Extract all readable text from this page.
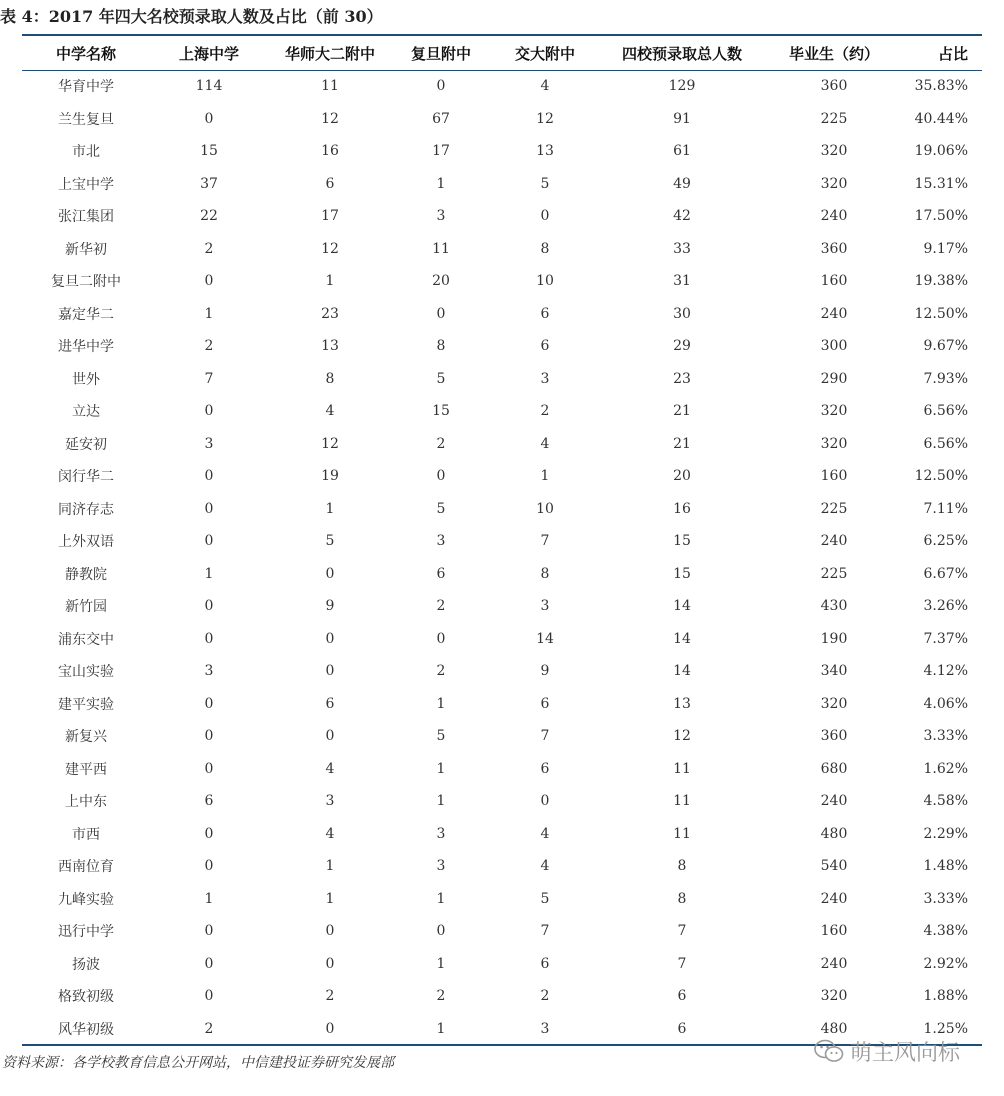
表 4：2017 年四大名校预录取人数及占比（前 30）
中学名称	上海中学	华师大二附中	复旦附中	交大附中	四校预录取总人数	毕业生（约）	占比
华育中学	114	11	0	4	129	360	35.83%
兰生复旦	0	12	67	12	91	225	40.44%
市北	15	16	17	13	61	320	19.06%
上宝中学	37	6	1	5	49	320	15.31%
张江集团	22	17	3	0	42	240	17.50%
新华初	2	12	11	8	33	360	9.17%
复旦二附中	0	1	20	10	31	160	19.38%
嘉定华二	1	23	0	6	30	240	12.50%
进华中学	2	13	8	6	29	300	9.67%
世外	7	8	5	3	23	290	7.93%
立达	0	4	15	2	21	320	6.56%
延安初	3	12	2	4	21	320	6.56%
闵行华二	0	19	0	1	20	160	12.50%
同济存志	0	1	5	10	16	225	7.11%
上外双语	0	5	3	7	15	240	6.25%
静教院	1	0	6	8	15	225	6.67%
新竹园	0	9	2	3	14	430	3.26%
浦东交中	0	0	0	14	14	190	7.37%
宝山实验	3	0	2	9	14	340	4.12%
建平实验	0	6	1	6	13	320	4.06%
新复兴	0	0	5	7	12	360	3.33%
建平西	0	4	1	6	11	680	1.62%
上中东	6	3	1	0	11	240	4.58%
市西	0	4	3	4	11	480	2.29%
西南位育	0	1	3	4	8	540	1.48%
九峰实验	1	1	1	5	8	240	3.33%
迅行中学	0	0	0	7	7	160	4.38%
扬波	0	0	1	6	7	240	2.92%
格致初级	0	2	2	2	6	320	1.88%
风华初级	2	0	1	3	6	480	1.25%
资料来源：各学校教育信息公开网站，中信建投证券研究发展部	萌主风向标
